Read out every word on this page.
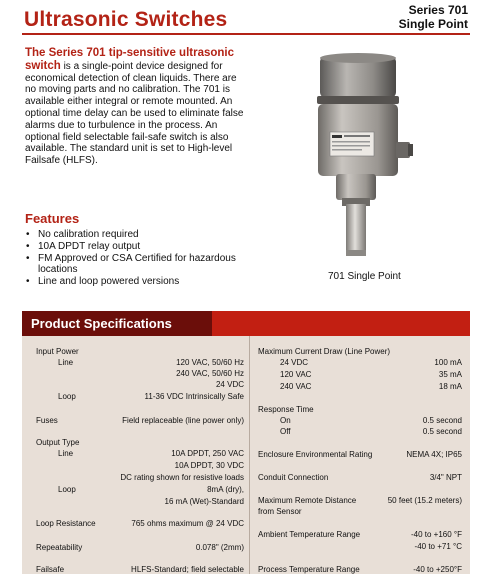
Ultrasonic Switches	Series 701
Single Point
The Series 701 tip-sensitive ultrasonic switch is a single-point device designed for economical detection of clean liquids. There are no moving parts and no calibration. The 701 is available either integral or remote mounted. An optional time delay can be used to eliminate false alarms due to turbulence in the process. An optional field selectable fail-safe switch is also available. The standard unit is set to High-level Failsafe (HLFS).
701 Single Point
Features
• No calibration required
• 10A DPDT relay output
• FM Approved or CSA Certified for hazardous locations
• Line and loop powered versions
Product Specifications
Input Power
Line	120 VAC, 50/60 Hz
240 VAC, 50/60 Hz
24 VDC
Loop	11-36 VDC Intrinsically Safe
Fuses	Field replaceable (line power only)
Output Type
Line	10A DPDT, 250 VAC
10A DPDT, 30 VDC
DC rating shown for resistive loads
Loop	8mA (dry),
16 mA (Wet)-Standard
Loop Resistance	765 ohms maximum @ 24 VDC
Repeatability	0.078" (2mm)
Failsafe	HLFS-Standard; field selectable
Maximum Current Draw (Line Power)
24 VDC	100 mA
120 VAC	35 mA
240 VAC	18 mA
Response Time
On	0.5 second
Off	0.5 second
Enclosure Environmental Rating	NEMA 4X; IP65
Conduit Connection	3/4" NPT
Maximum Remote Distance	50 feet (15.2 meters)
from Sensor
Ambient Temperature Range	-40 to +160 °F
-40 to +71 °C
Process Temperature Range	-40 to +250°F
